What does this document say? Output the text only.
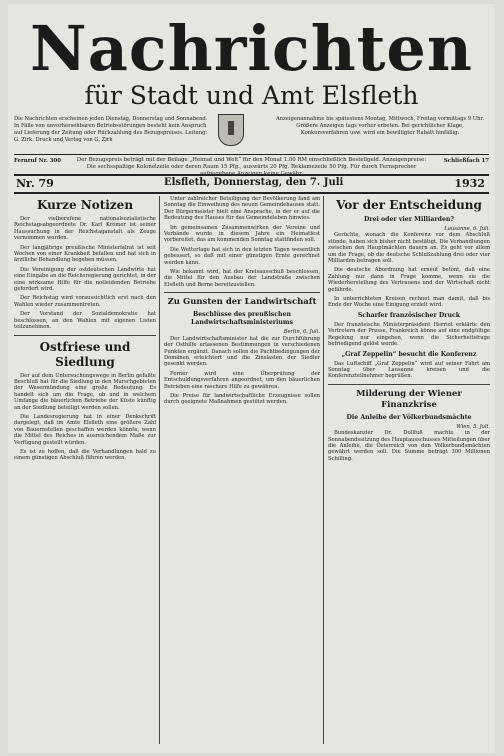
Nachrichten
für Stadt und Amt Elsfleth
Die Nachrichten erscheinen jeden Dienstag, Donnerstag und Sonnabend. In Fälle von unvorhersehbaren Betriebsstörungen besteht kein Anspruch auf Lieferung der Zeitung oder Rückzahlung des Bezugspreises. Leitung: G. Zirk. Druck und Verlag von G. Zirk
Anzeigenannahme bis spätestens Montag, Mittwoch, Freitag vormittags 9 Uhr. Größere Anzeigen tags vorher erbeten. Bei gerichtlicher Klage, Konkursverfahren usw. wird ein bewilligter Rabatt hinfällig.
Fernruf Nr. 300	Der Bezugspreis beträgt mit der Beilage „Heimat und Welt“ für den Monat 1.00 RM einschließlich Bestellgeld. Anzeigenpreise: Die sechsspaltige Kolonelzeile oder deren Raum 15 Pfg., auswärts 20 Pfg. Reklamezeile 50 Pfg. Für durch Fernsprecher aufgegebene Anzeigen keine Gewähr.
Schließfach 17
Nr. 79	Elsfleth, Donnerstag, den 7. Juli	1932
Kurze Notizen

Der vielberufene nationalsozialistische Reichstagsabgeordnete Dr. Karl Kromer ist seiner Haussuchung in der Reichstaganstalt als Zeuge vernommen worden.

Der langjährige preußische Ministerialrat ist seit Wochen von einer Krankheit befallen und hat sich in ärztliche Behandlung begeben müssen.

Die Vereinigung der ostdeutschen Landwirte hat eine Eingabe an die Reichsregierung gerichtet, in der eine wirksame Hilfe für die notleidenden Betriebe gefordert wird.

Der Reichstag wird voraussichtlich erst nach den Wahlen wieder zusammentreten.

Der Vorstand der Sozialdemokratie hat beschlossen, an den Wahlen mit eigenen Listen teilzunehmen.

Ostfriese und Siedlung

Der auf dem Untersuchungswege in Berlin gefaßte Beschluß hat für die Siedlung in den Marschgebieten der Wesermündung eine große Bedeutung. Es handelt sich um die Frage, ob und in welchem Umfange die bäuerlichen Betriebe der Küste künftig an der Siedlung beteiligt werden sollen.

Die Landesregierung hat in einer Denkschrift dargelegt, daß im Amte Elsfleth eine größere Zahl von Bauernstellen geschaffen werden könnte, wenn die Mittel des Reiches in ausreichendem Maße zur Verfügung gestellt würden.

Es ist zu hoffen, daß die Verhandlungen bald zu einem günstigen Abschluß führen werden.

Unter zahlreicher Beteiligung der Bevölkerung fand am Sonntag die Einweihung des neuen Gemeindehauses statt. Der Bürgermeister hielt eine Ansprache, in der er auf die Bedeutung des Hauses für das Gemeindeleben hinwies.

Im gemeinsamen Zusammenwirken der Vereine und Verbände wurde in diesem Jahre ein Heimatfest vorbereitet, das am kommenden Sonntag stattfinden soll.

Die Wetterlage hat sich in den letzten Tagen wesentlich gebessert, so daß mit einer günstigen Ernte gerechnet werden kann.

Wie bekannt wird, hat der Kreisausschuß beschlossen, die Mittel für den Ausbau der Landstraße zwischen Elsfleth und Berne bereitzustellen.

Zu Gunsten der Landwirtschaft
Beschlüsse des preußischen Landwirtschaftsministeriums
Berlin, 6. Juli.

Der Landwirtschaftsminister hat die zur Durchführung der Osthilfe erlassenen Bestimmungen in verschiedenen Punkten ergänzt. Danach sollen die Pachtbedingungen der Domänen erleichtert und die Zinslasten der Siedler gesenkt werden.

Ferner wird eine Überprüfung der Entschuldungsverfahren angeordnet, um den bäuerlichen Betrieben eine raschere Hilfe zu gewähren.

Die Preise für landwirtschaftliche Erzeugnisse sollen durch geeignete Maßnahmen gestützt werden.

Vor der Entscheidung
Drei oder vier Milliarden?
Lausanne, 6. Juli.

Gerüchte, wonach die Konferenz vor dem Abschluß stünde, haben sich bisher nicht bestätigt. Die Verhandlungen zwischen den Hauptmächten dauern an. Es geht vor allem um die Frage, ob die deutsche Schlußzahlung drei oder vier Milliarden betragen soll.

Die deutsche Abordnung hat erneut betont, daß eine Zahlung nur dann in Frage komme, wenn sie die Wiederherstellung des Vertrauens und der Wirtschaft nicht gefährde.

In unterrichteten Kreisen rechnet man damit, daß bis Ende der Woche eine Einigung erzielt wird.

Scharfer französischer Druck

Der französische Ministerpräsident Herriot erklärte den Vertretern der Presse, Frankreich könne auf eine endgültige Regelung nur eingehen, wenn die Sicherheitsfrage befriedigend gelöst werde.

„Graf Zeppelin“ besucht die Konferenz

Das Luftschiff „Graf Zeppelin“ wird auf seiner Fahrt am Sonntag über Lausanne kreisen und die Konferenzteilnehmer begrüßen.

Milderung der Wiener Finanzkrise
Die Anleihe der Völkerbundsmächte
Wien, 5. Juli.

Bundeskanzler Dr. Dollfuß machte in der Sonnabendssitzung des Hauptausschusses Mitteilungen über die Anleihe, die Österreich von den Völkerbundsmächten gewährt werden soll. Die Summe beträgt 300 Millionen Schilling.
